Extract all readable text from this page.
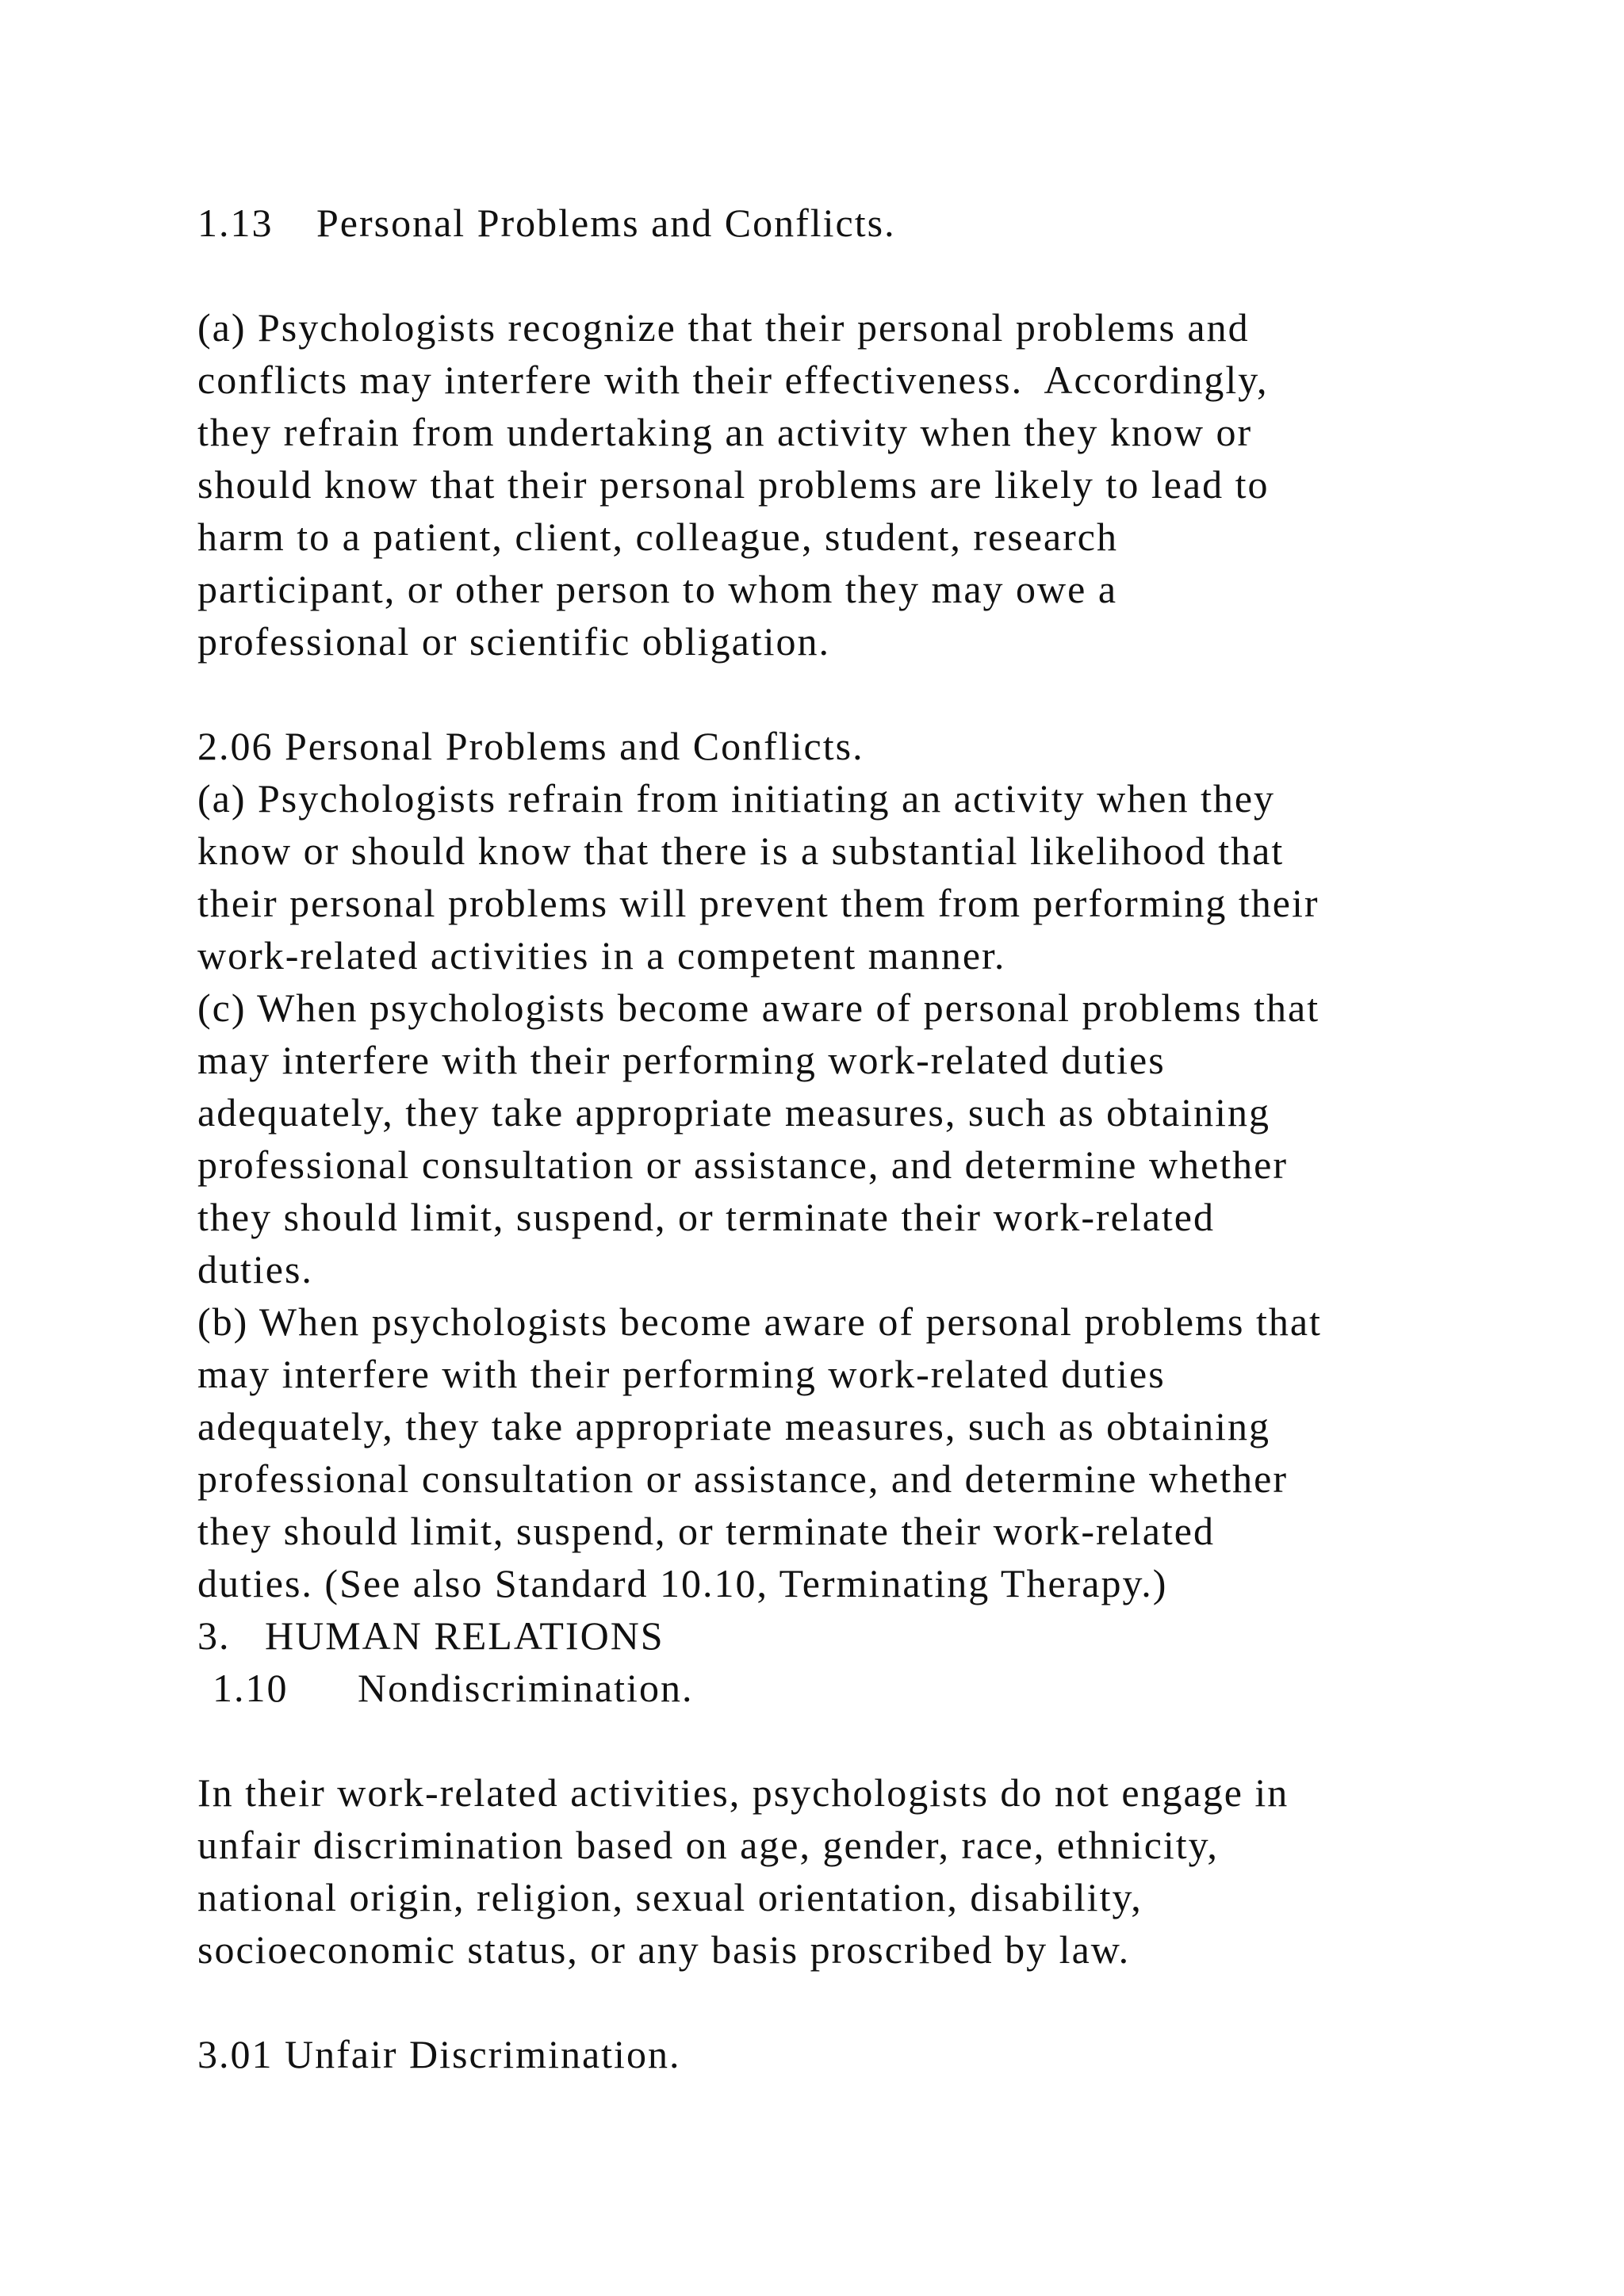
1.13 Personal Problems and Conflicts.

(a) Psychologists recognize that their personal problems and

conflicts may interfere with their effectiveness.  Accordingly,

they refrain from undertaking an activity when they know or

should know that their personal problems are likely to lead to

harm to a patient, client, colleague, student, research

participant, or other person to whom they may owe a

professional or scientific obligation.

2.06 Personal Problems and Conflicts.

(a) Psychologists refrain from initiating an activity when they

know or should know that there is a substantial likelihood that

their personal problems will prevent them from performing their

work-related activities in a competent manner.

(c) When psychologists become aware of personal problems that

may interfere with their performing work-related duties

adequately, they take appropriate measures, such as obtaining

professional consultation or assistance, and determine whether

they should limit, suspend, or terminate their work-related

duties.

(b) When psychologists become aware of personal problems that

may interfere with their performing work-related duties

adequately, they take appropriate measures, such as obtaining

professional consultation or assistance, and determine whether

they should limit, suspend, or terminate their work-related

duties. (See also Standard 10.10, Terminating Therapy.)

3.   HUMAN RELATIONS

1.10 Nondiscrimination.

In their work-related activities, psychologists do not engage in

unfair discrimination based on age, gender, race, ethnicity,

national origin, religion, sexual orientation, disability,

socioeconomic status, or any basis proscribed by law.

3.01 Unfair Discrimination.
